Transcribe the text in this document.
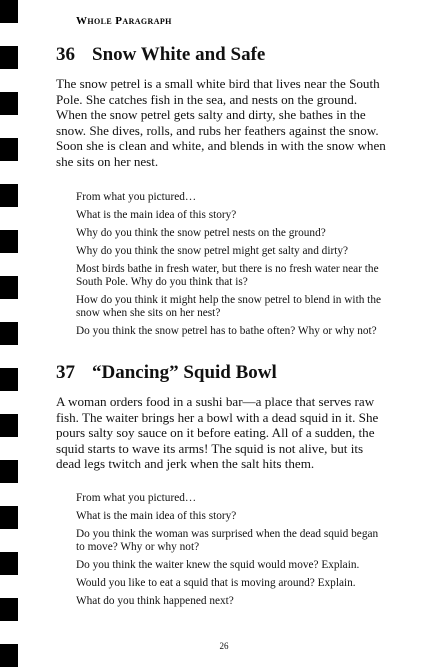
Whole Paragraph
36 Snow White and Safe

The snow petrel is a small white bird that lives near the South Pole. She catches fish in the sea, and nests on the ground. When the snow petrel gets salty and dirty, she bathes in the snow. She dives, rolls, and rubs her feathers against the snow. Soon she is clean and white, and blends in with the snow when she sits on her nest.

From what you pictured…
What is the main idea of this story?
Why do you think the snow petrel nests on the ground?
Why do you think the snow petrel might get salty and dirty?
Most birds bathe in fresh water, but there is no fresh water near the South Pole. Why do you think that is?
How do you think it might help the snow petrel to blend in with the snow when she sits on her nest?
Do you think the snow petrel has to bathe often? Why or why not?
37 “Dancing” Squid Bowl

A woman orders food in a sushi bar—a place that serves raw fish. The waiter brings her a bowl with a dead squid in it. She pours salty soy sauce on it before eating. All of a sudden, the squid starts to wave its arms! The squid is not alive, but its dead legs twitch and jerk when the salt hits them.

From what you pictured…
What is the main idea of this story?
Do you think the woman was surprised when the dead squid began to move? Why or why not?
Do you think the waiter knew the squid would move? Explain.
Would you like to eat a squid that is moving around? Explain.
What do you think happened next?
26
